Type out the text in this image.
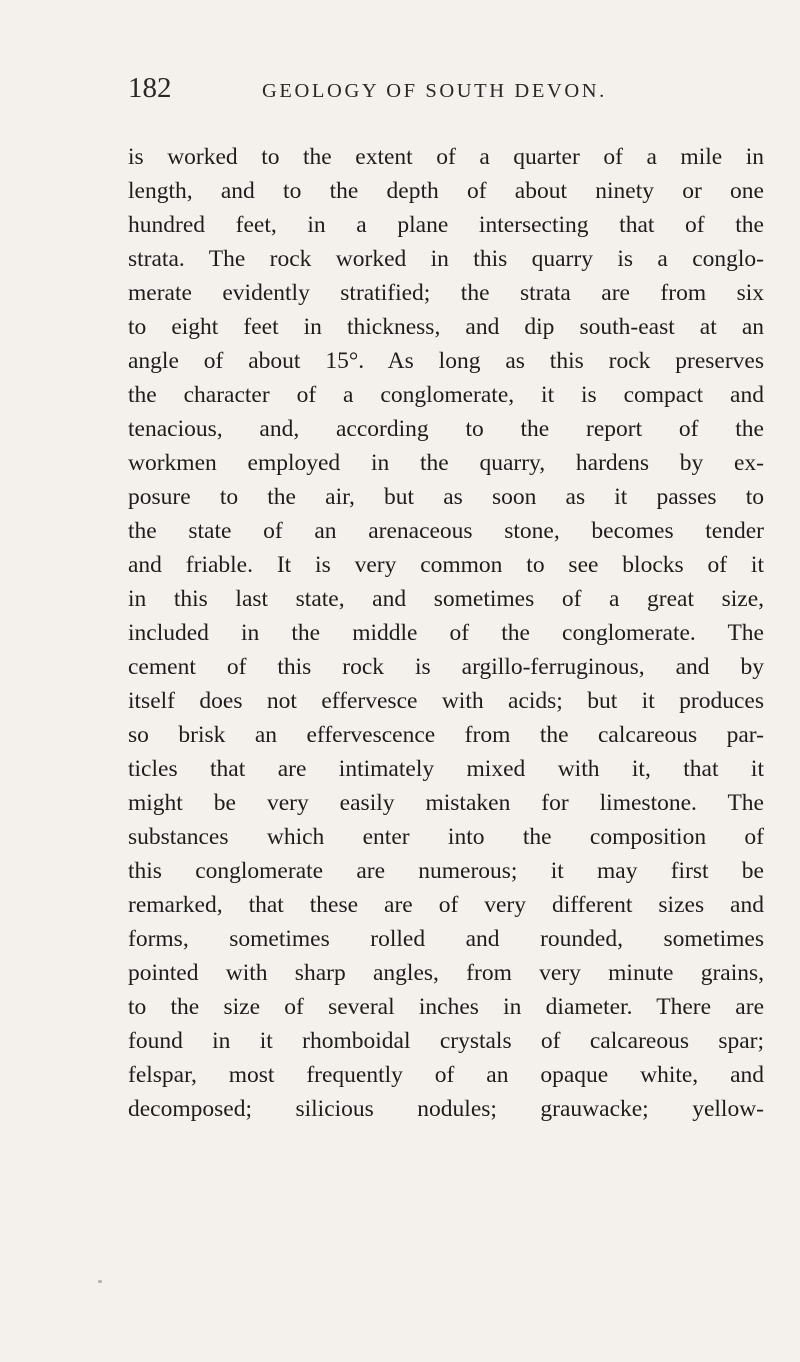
182	GEOLOGY OF SOUTH DEVON.
is worked to the extent of a quarter of a mile in
length, and to the depth of about ninety or one
hundred feet, in a plane intersecting that of the
strata. The rock worked in this quarry is a conglo-
merate evidently stratified; the strata are from six
to eight feet in thickness, and dip south-east at an
angle of about 15°. As long as this rock preserves
the character of a conglomerate, it is compact and
tenacious, and, according to the report of the
workmen employed in the quarry, hardens by ex-
posure to the air, but as soon as it passes to
the state of an arenaceous stone, becomes tender
and friable. It is very common to see blocks of it
in this last state, and sometimes of a great size,
included in the middle of the conglomerate. The
cement of this rock is argillo-ferruginous, and by
itself does not effervesce with acids; but it produces
so brisk an effervescence from the calcareous par-
ticles that are intimately mixed with it, that it
might be very easily mistaken for limestone. The
substances which enter into the composition of
this conglomerate are numerous; it may first be
remarked, that these are of very different sizes and
forms, sometimes rolled and rounded, sometimes
pointed with sharp angles, from very minute grains,
to the size of several inches in diameter. There are
found in it rhomboidal crystals of calcareous spar;
felspar, most frequently of an opaque white, and
decomposed; silicious nodules; grauwacke; yellow-
